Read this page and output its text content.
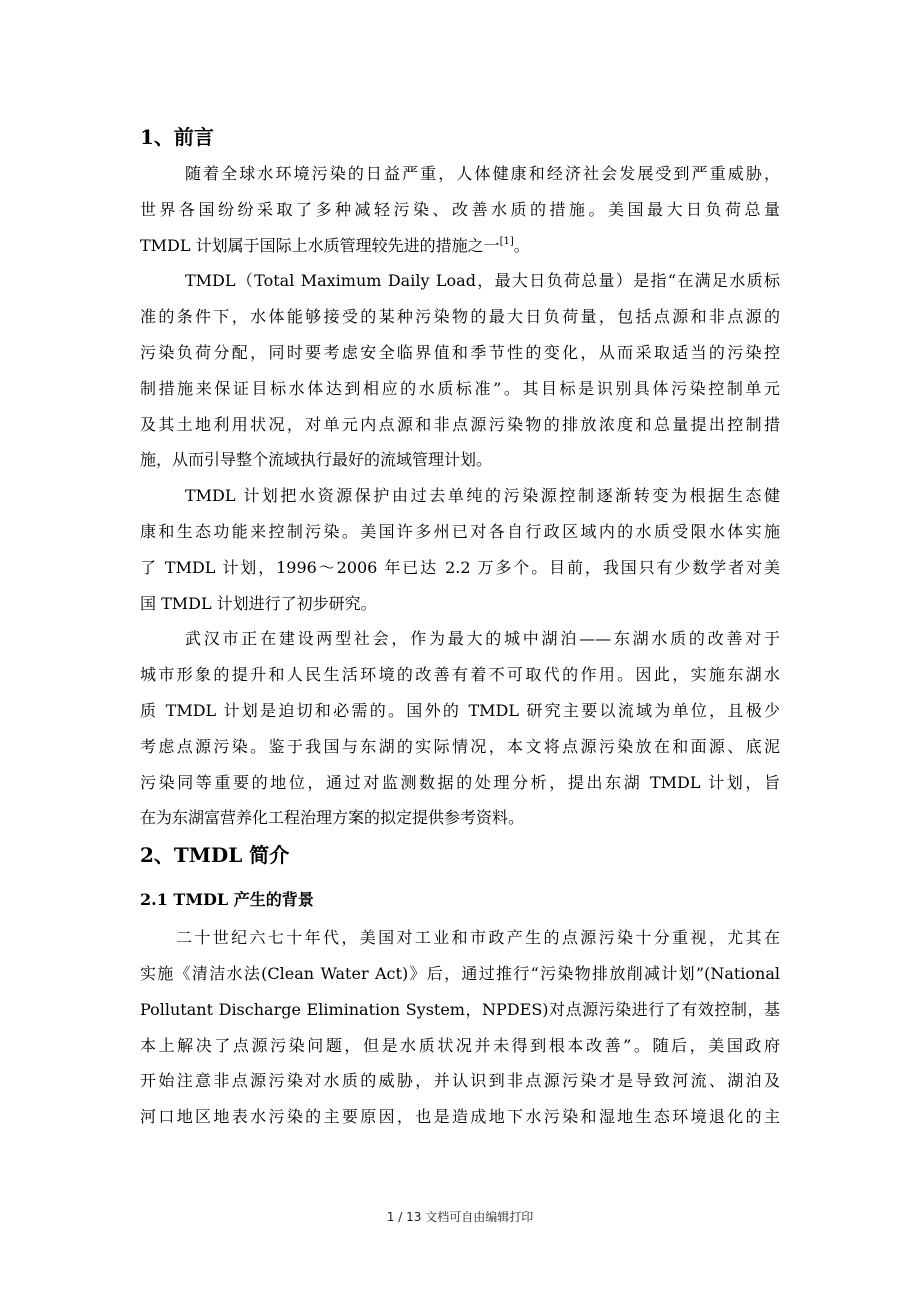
1、前言
随着全球水环境污染的日益严重，人体健康和经济社会发展受到严重威胁，
世界各国纷纷采取了多种减轻污染、改善水质的措施。美国最大日负荷总量
TMDL 计划属于国际上水质管理较先进的措施之一[1]。
TMDL（Total Maximum Daily Load，最大日负荷总量）是指“在满足水质标
准的条件下，水体能够接受的某种污染物的最大日负荷量，包括点源和非点源的
污染负荷分配，同时要考虑安全临界值和季节性的变化，从而采取适当的污染控
制措施来保证目标水体达到相应的水质标准”。其目标是识别具体污染控制单元
及其土地利用状况，对单元内点源和非点源污染物的排放浓度和总量提出控制措
施，从而引导整个流域执行最好的流域管理计划。
TMDL 计划把水资源保护由过去单纯的污染源控制逐渐转变为根据生态健
康和生态功能来控制污染。美国许多州已对各自行政区域内的水质受限水体实施
了 TMDL 计划，1996～2006 年已达 2.2 万多个。目前，我国只有少数学者对美
国 TMDL 计划进行了初步研究。
武汉市正在建设两型社会，作为最大的城中湖泊——东湖水质的改善对于
城市形象的提升和人民生活环境的改善有着不可取代的作用。因此，实施东湖水
质 TMDL 计划是迫切和必需的。国外的 TMDL 研究主要以流域为单位，且极少
考虑点源污染。鉴于我国与东湖的实际情况，本文将点源污染放在和面源、底泥
污染同等重要的地位，通过对监测数据的处理分析，提出东湖 TMDL 计划，旨
在为东湖富营养化工程治理方案的拟定提供参考资料。
2、TMDL 简介
2.1 TMDL 产生的背景
二十世纪六七十年代，美国对工业和市政产生的点源污染十分重视，尤其在
实施《清洁水法(Clean Water Act)》后，通过推行“污染物排放削减计划”(National
Pollutant Discharge Elimination System，NPDES)对点源污染进行了有效控制，基
本上解决了点源污染问题，但是水质状况并未得到根本改善”。随后，美国政府
开始注意非点源污染对水质的威胁，并认识到非点源污染才是导致河流、湖泊及
河口地区地表水污染的主要原因，也是造成地下水污染和湿地生态环境退化的主
1 / 13 文档可自由编辑打印
